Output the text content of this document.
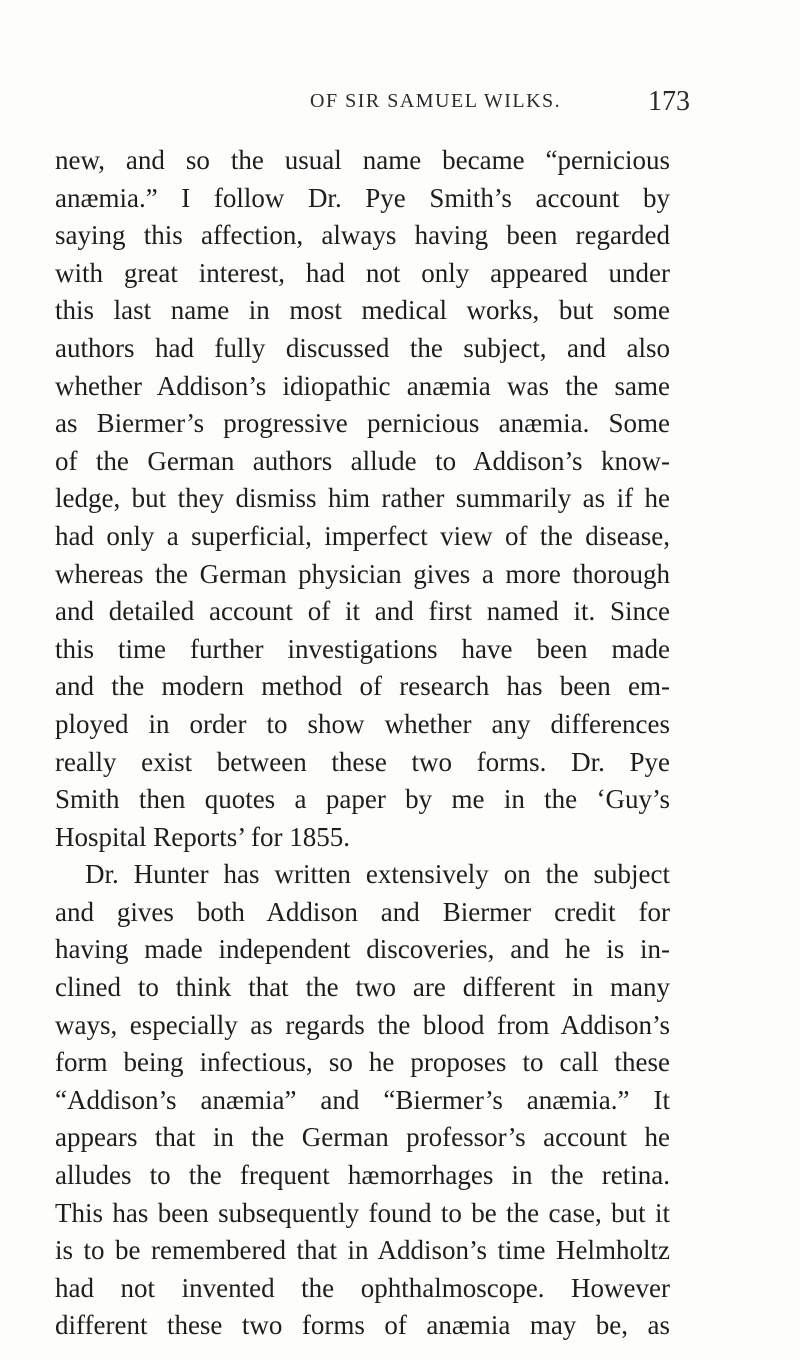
OF SIR SAMUEL WILKS.	173
new, and so the usual name became “pernicious
anæmia.” I follow Dr. Pye Smith’s account by
saying this affection, always having been regarded
with great interest, had not only appeared under
this last name in most medical works, but some
authors had fully discussed the subject, and also
whether Addison’s idiopathic anæmia was the same
as Biermer’s progressive pernicious anæmia. Some
of the German authors allude to Addison’s know-
ledge, but they dismiss him rather summarily as if he
had only a superficial, imperfect view of the disease,
whereas the German physician gives a more thorough
and detailed account of it and first named it. Since
this time further investigations have been made
and the modern method of research has been em-
ployed in order to show whether any differences
really exist between these two forms. Dr. Pye
Smith then quotes a paper by me in the ‘Guy’s
Hospital Reports’ for 1855.
Dr. Hunter has written extensively on the subject
and gives both Addison and Biermer credit for
having made independent discoveries, and he is in-
clined to think that the two are different in many
ways, especially as regards the blood from Addison’s
form being infectious, so he proposes to call these
“Addison’s anæmia” and “Biermer’s anæmia.” It
appears that in the German professor’s account he
alludes to the frequent hæmorrhages in the retina.
This has been subsequently found to be the case, but it
is to be remembered that in Addison’s time Helmholtz
had not invented the ophthalmoscope. However
different these two forms of anæmia may be, as
